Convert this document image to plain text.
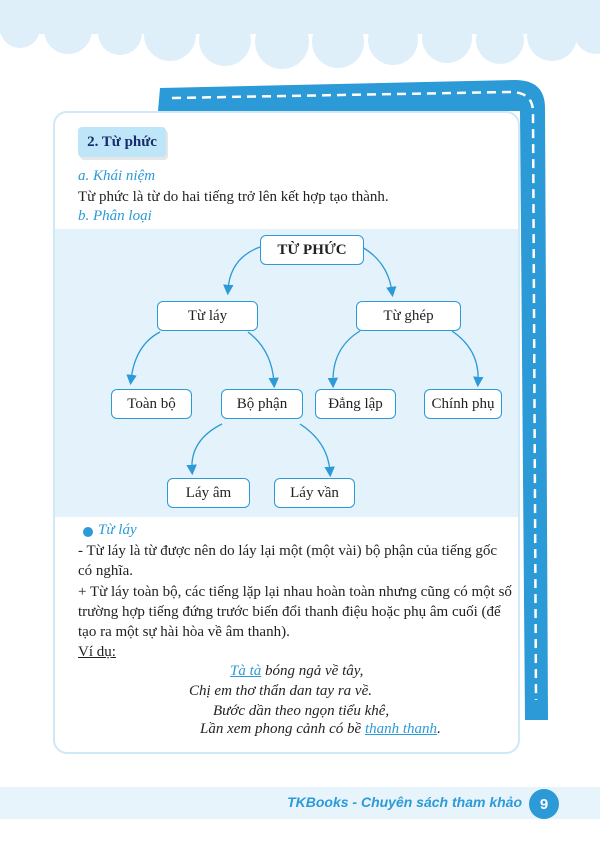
2. Từ phức
a. Khái niệm
Từ phức là từ do hai tiếng trở lên kết hợp tạo thành.
b. Phân loại
TỪ PHỨC
Từ láy	Từ ghép
Toàn bộ	Bộ phận	Đẳng lập	Chính phụ
Láy âm	Láy vần
Từ láy
- Từ láy là từ được nên do láy lại một (một vài) bộ phận của tiếng gốc
có nghĩa.
+ Từ láy toàn bộ, các tiếng lặp lại nhau hoàn toàn nhưng cũng có một số
trường hợp tiếng đứng trước biến đổi thanh điệu hoặc phụ âm cuối (để
tạo ra một sự hài hòa về âm thanh).
Ví dụ:
Tà tà bóng ngả về tây,
Chị em thơ thẩn dan tay ra về.
Bước dần theo ngọn tiểu khê,
Lần xem phong cảnh có bề thanh thanh.
TKBooks - Chuyên sách tham khảo	9
